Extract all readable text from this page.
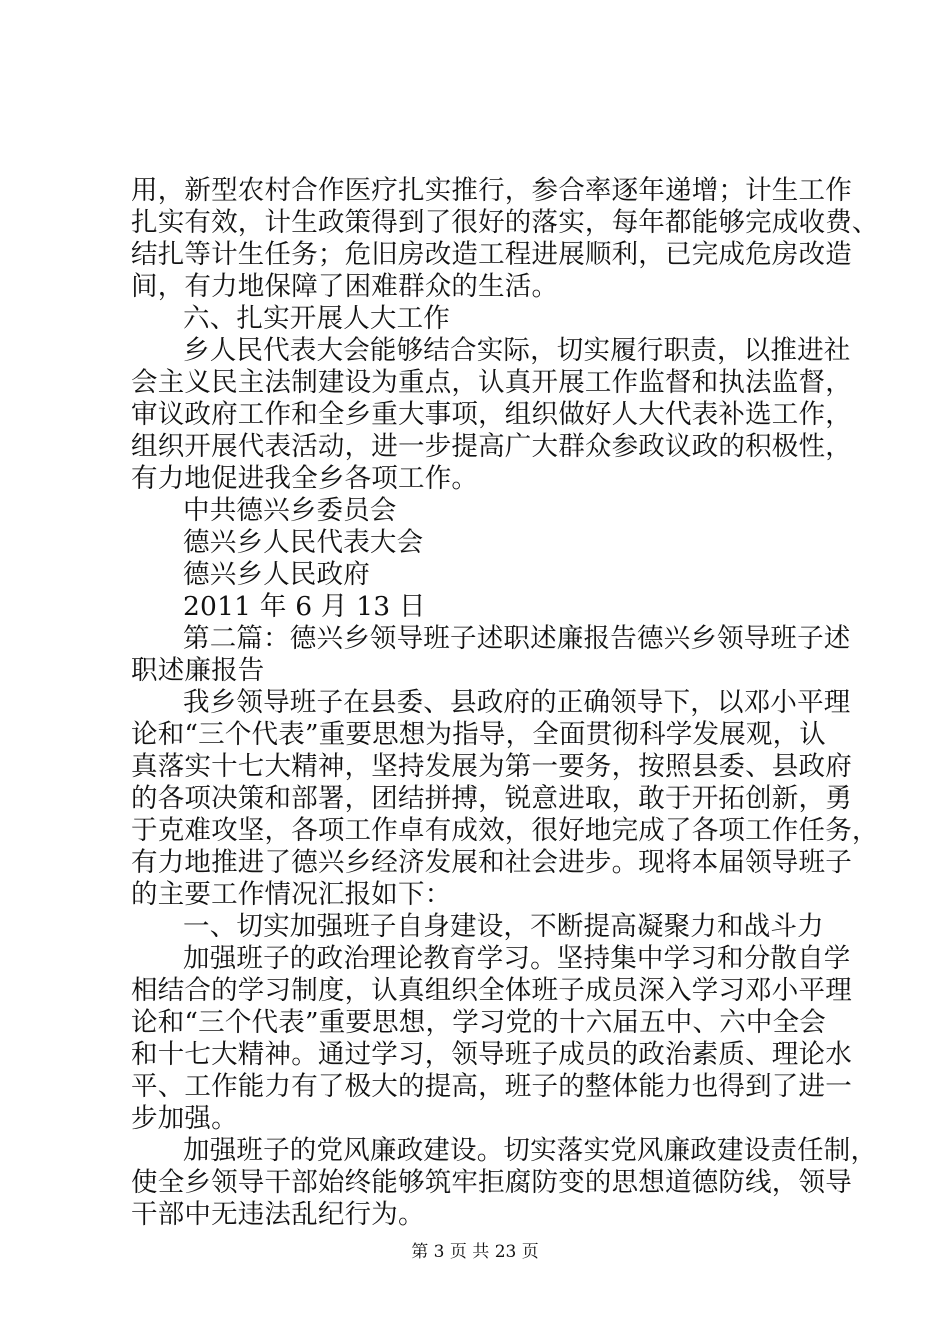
用，新型农村合作医疗扎实推行，参合率逐年递增；计生工作
扎实有效，计生政策得到了很好的落实，每年都能够完成收费、
结扎等计生任务；危旧房改造工程进展顺利，已完成危房改造
间，有力地保障了困难群众的生活。
六、扎实开展人大工作
乡人民代表大会能够结合实际，切实履行职责，以推进社
会主义民主法制建设为重点，认真开展工作监督和执法监督，
审议政府工作和全乡重大事项，组织做好人大代表补选工作，
组织开展代表活动，进一步提高广大群众参政议政的积极性，
有力地促进我全乡各项工作。
中共德兴乡委员会
德兴乡人民代表大会
德兴乡人民政府
2011 年 6 月 13 日
第二篇：德兴乡领导班子述职述廉报告德兴乡领导班子述
职述廉报告
我乡领导班子在县委、县政府的正确领导下，以邓小平理
论和“三个代表”重要思想为指导，全面贯彻科学发展观，认
真落实十七大精神，坚持发展为第一要务，按照县委、县政府
的各项决策和部署，团结拼搏，锐意进取，敢于开拓创新，勇
于克难攻坚，各项工作卓有成效，很好地完成了各项工作任务，
有力地推进了德兴乡经济发展和社会进步。现将本届领导班子
的主要工作情况汇报如下：
一、切实加强班子自身建设，不断提高凝聚力和战斗力
加强班子的政治理论教育学习。坚持集中学习和分散自学
相结合的学习制度，认真组织全体班子成员深入学习邓小平理
论和“三个代表”重要思想，学习党的十六届五中、六中全会
和十七大精神。通过学习，领导班子成员的政治素质、理论水
平、工作能力有了极大的提高，班子的整体能力也得到了进一
步加强。
加强班子的党风廉政建设。切实落实党风廉政建设责任制，
使全乡领导干部始终能够筑牢拒腐防变的思想道德防线，领导
干部中无违法乱纪行为。
第 3 页 共 23 页
